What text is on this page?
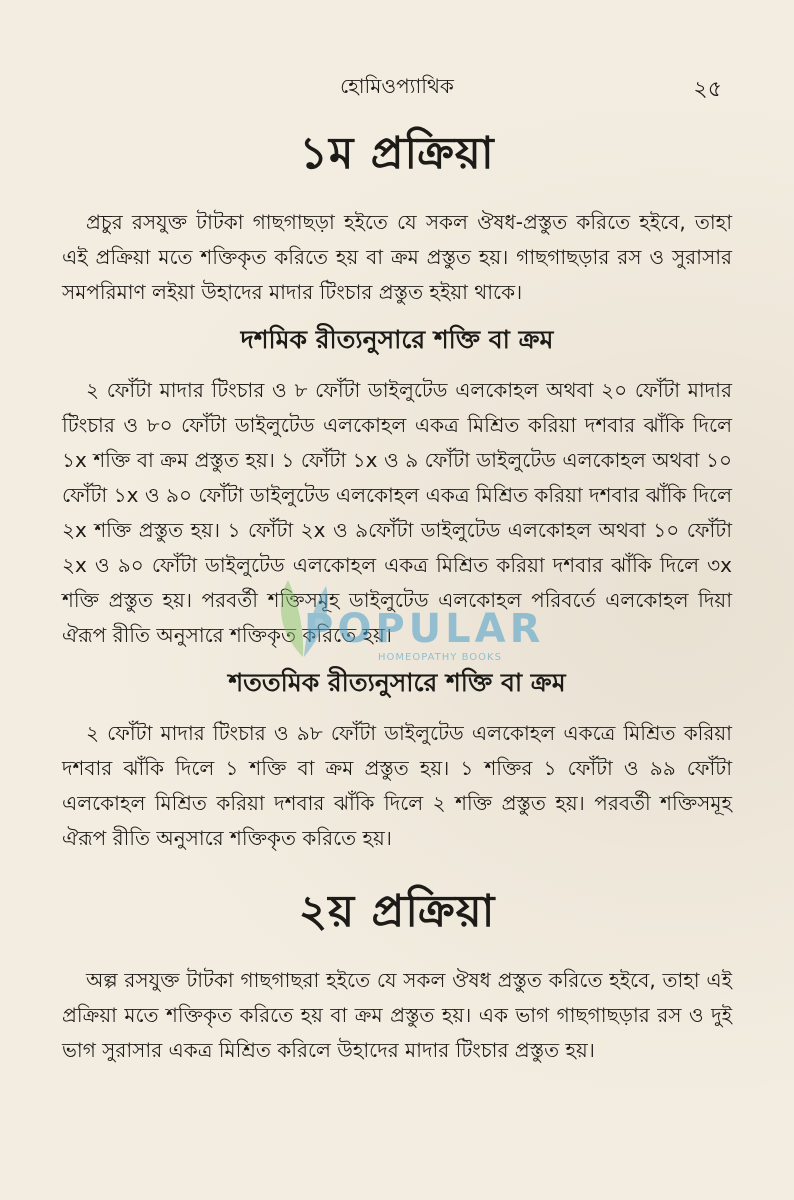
হোমিওপ্যাথিক	২৫
১ম প্রক্রিয়া

প্রচুর রসযুক্ত টাটকা গাছগাছড়া হইতে যে সকল ঔষধ-প্রস্তুত করিতে হইবে, তাহা এই প্রক্রিয়া মতে শক্তিকৃত করিতে হয় বা ক্রম প্রস্তুত হয়। গাছগাছড়ার রস ও সুরাসার সমপরিমাণ লইয়া উহাদের মাদার টিংচার প্রস্তুত হইয়া থাকে।

দশমিক রীত্যনুসারে শক্তি বা ক্রম

২ ফোঁটা মাদার টিংচার ও ৮ ফোঁটা ডাইলুটেড এলকোহল অথবা ২০ ফোঁটা মাদার টিংচার ও ৮০ ফোঁটা ডাইলুটেড এলকোহল একত্র মিশ্রিত করিয়া দশবার ঝাঁকি দিলে ১x শক্তি বা ক্রম প্রস্তুত হয়। ১ ফোঁটা ১x ও ৯ ফোঁটা ডাইলুটেড এলকোহল অথবা ১০ ফোঁটা ১x ও ৯০ ফোঁটা ডাইলুটেড এলকোহল একত্র মিশ্রিত করিয়া দশবার ঝাঁকি দিলে ২x শক্তি প্রস্তুত হয়। ১ ফোঁটা ২x ও ৯ফোঁটা ডাইলুটেড এলকোহল অথবা ১০ ফোঁটা ২x ও ৯০ ফোঁটা ডাইলুটেড এলকোহল একত্র মিশ্রিত করিয়া দশবার ঝাঁকি দিলে ৩x শক্তি প্রস্তুত হয়। পরবর্তী শক্তিসমূহ ডাইলুটেড এলকোহল পরিবর্তে এলকোহল দিয়া ঐরূপ রীতি অনুসারে শক্তিকৃত করিতে হয়।

শততমিক রীত্যনুসারে শক্তি বা ক্রম

২ ফোঁটা মাদার টিংচার ও ৯৮ ফোঁটা ডাইলুটেড এলকোহল একত্রে মিশ্রিত করিয়া দশবার ঝাঁকি দিলে ১ শক্তি বা ক্রম প্রস্তুত হয়। ১ শক্তির ১ ফোঁটা ও ৯৯ ফোঁটা এলকোহল মিশ্রিত করিয়া দশবার ঝাঁকি দিলে ২ শক্তি প্রস্তুত হয়। পরবর্তী শক্তিসমূহ ঐরূপ রীতি অনুসারে শক্তিকৃত করিতে হয়।

২য় প্রক্রিয়া

অল্প রসযুক্ত টাটকা গাছগাছরা হইতে যে সকল ঔষধ প্রস্তুত করিতে হইবে, তাহা এই প্রক্রিয়া মতে শক্তিকৃত করিতে হয় বা ক্রম প্রস্তুত হয়। এক ভাগ গাছগাছড়ার রস ও দুই ভাগ সুরাসার একত্র মিশ্রিত করিলে উহাদের মাদার টিংচার প্রস্তুত হয়।

POPULAR
HOMEOPATHY BOOKS
